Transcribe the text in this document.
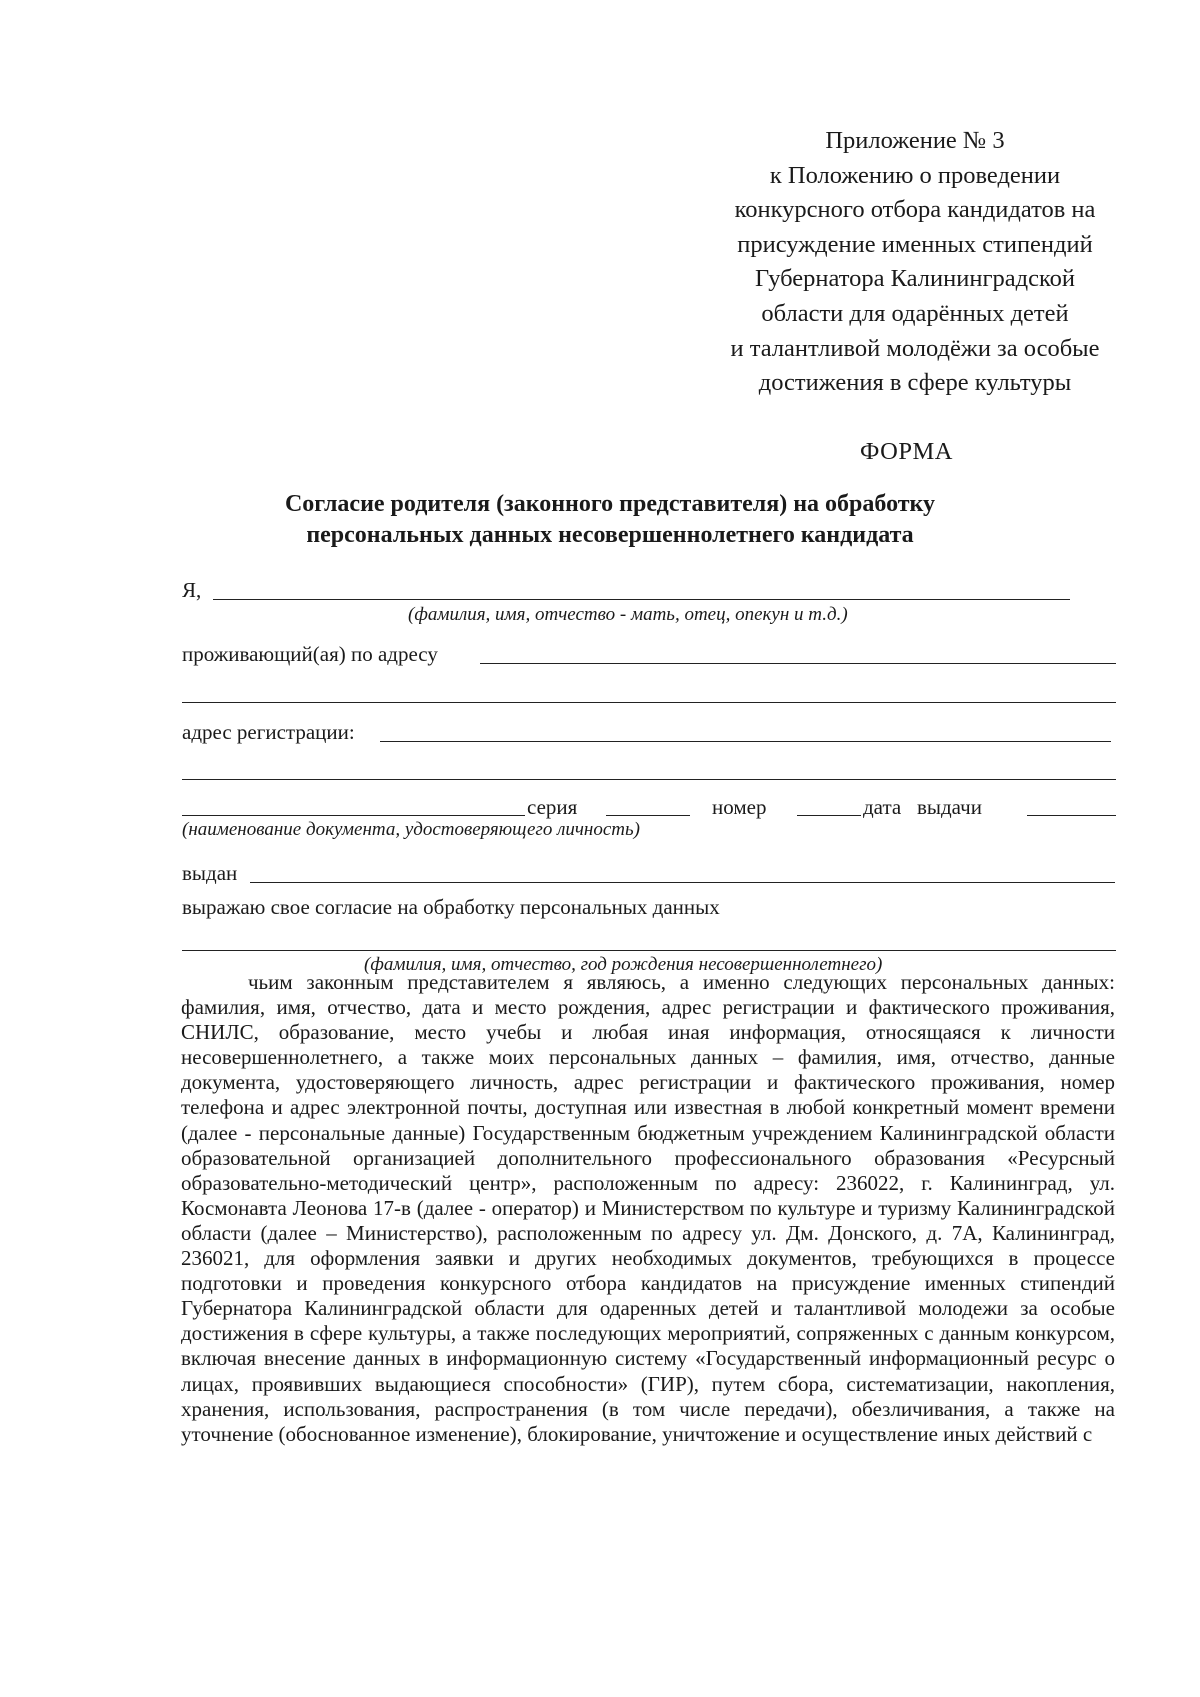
Приложение № 3
к Положению о проведении
конкурсного отбора кандидатов на
присуждение именных стипендий
Губернатора Калининградской
области для одарённых детей
и талантливой молодёжи за особые
достижения в сфере культуры
ФОРМА
Согласие родителя (законного представителя) на обработку
персональных данных несовершеннолетнего кандидата
Я,
(фамилия, имя, отчество - мать, отец, опекун и т.д.)
проживающий(ая) по адресу
адрес регистрации:
серия	номер	дата   выдачи
(наименование документа, удостоверяющего личность)
выдан
выражаю свое согласие на обработку персональных данных
(фамилия, имя, отчество, год рождения несовершеннолетнего)

чьим законным представителем я являюсь, а именно следующих персональных данных: фамилия, имя, отчество, дата и место рождения, адрес регистрации и фактического проживания, СНИЛС, образование, место учебы и любая иная информация, относящаяся к личности несовершеннолетнего, а также моих персональных данных – фамилия, имя, отчество, данные документа, удостоверяющего личность, адрес регистрации и фактического проживания, номер телефона и адрес электронной почты, доступная или известная в любой конкретный момент времени (далее - персональные данные) Государственным бюджетным учреждением Калининградской области образовательной организацией дополнительного профессионального образования «Ресурсный образовательно-методический центр», расположенным по адресу: 236022, г. Калининград, ул. Космонавта Леонова 17-в (далее - оператор) и Министерством по культуре и туризму Калининградской области (далее – Министерство), расположенным по адресу ул. Дм. Донского, д. 7А, Калининград, 236021, для оформления заявки и других необходимых документов, требующихся в процессе подготовки и проведения конкурсного отбора кандидатов на присуждение именных стипендий Губернатора Калининградской области для одаренных детей и талантливой молодежи за особые достижения в сфере культуры, а также последующих мероприятий, сопряженных с данным конкурсом, включая внесение данных в информационную систему «Государственный информационный ресурс о лицах, проявивших выдающиеся способности» (ГИР), путем сбора, систематизации, накопления, хранения, использования, распространения (в том числе передачи), обезличивания, а также на уточнение (обоснованное изменение), блокирование, уничтожение и осуществление иных действий с
